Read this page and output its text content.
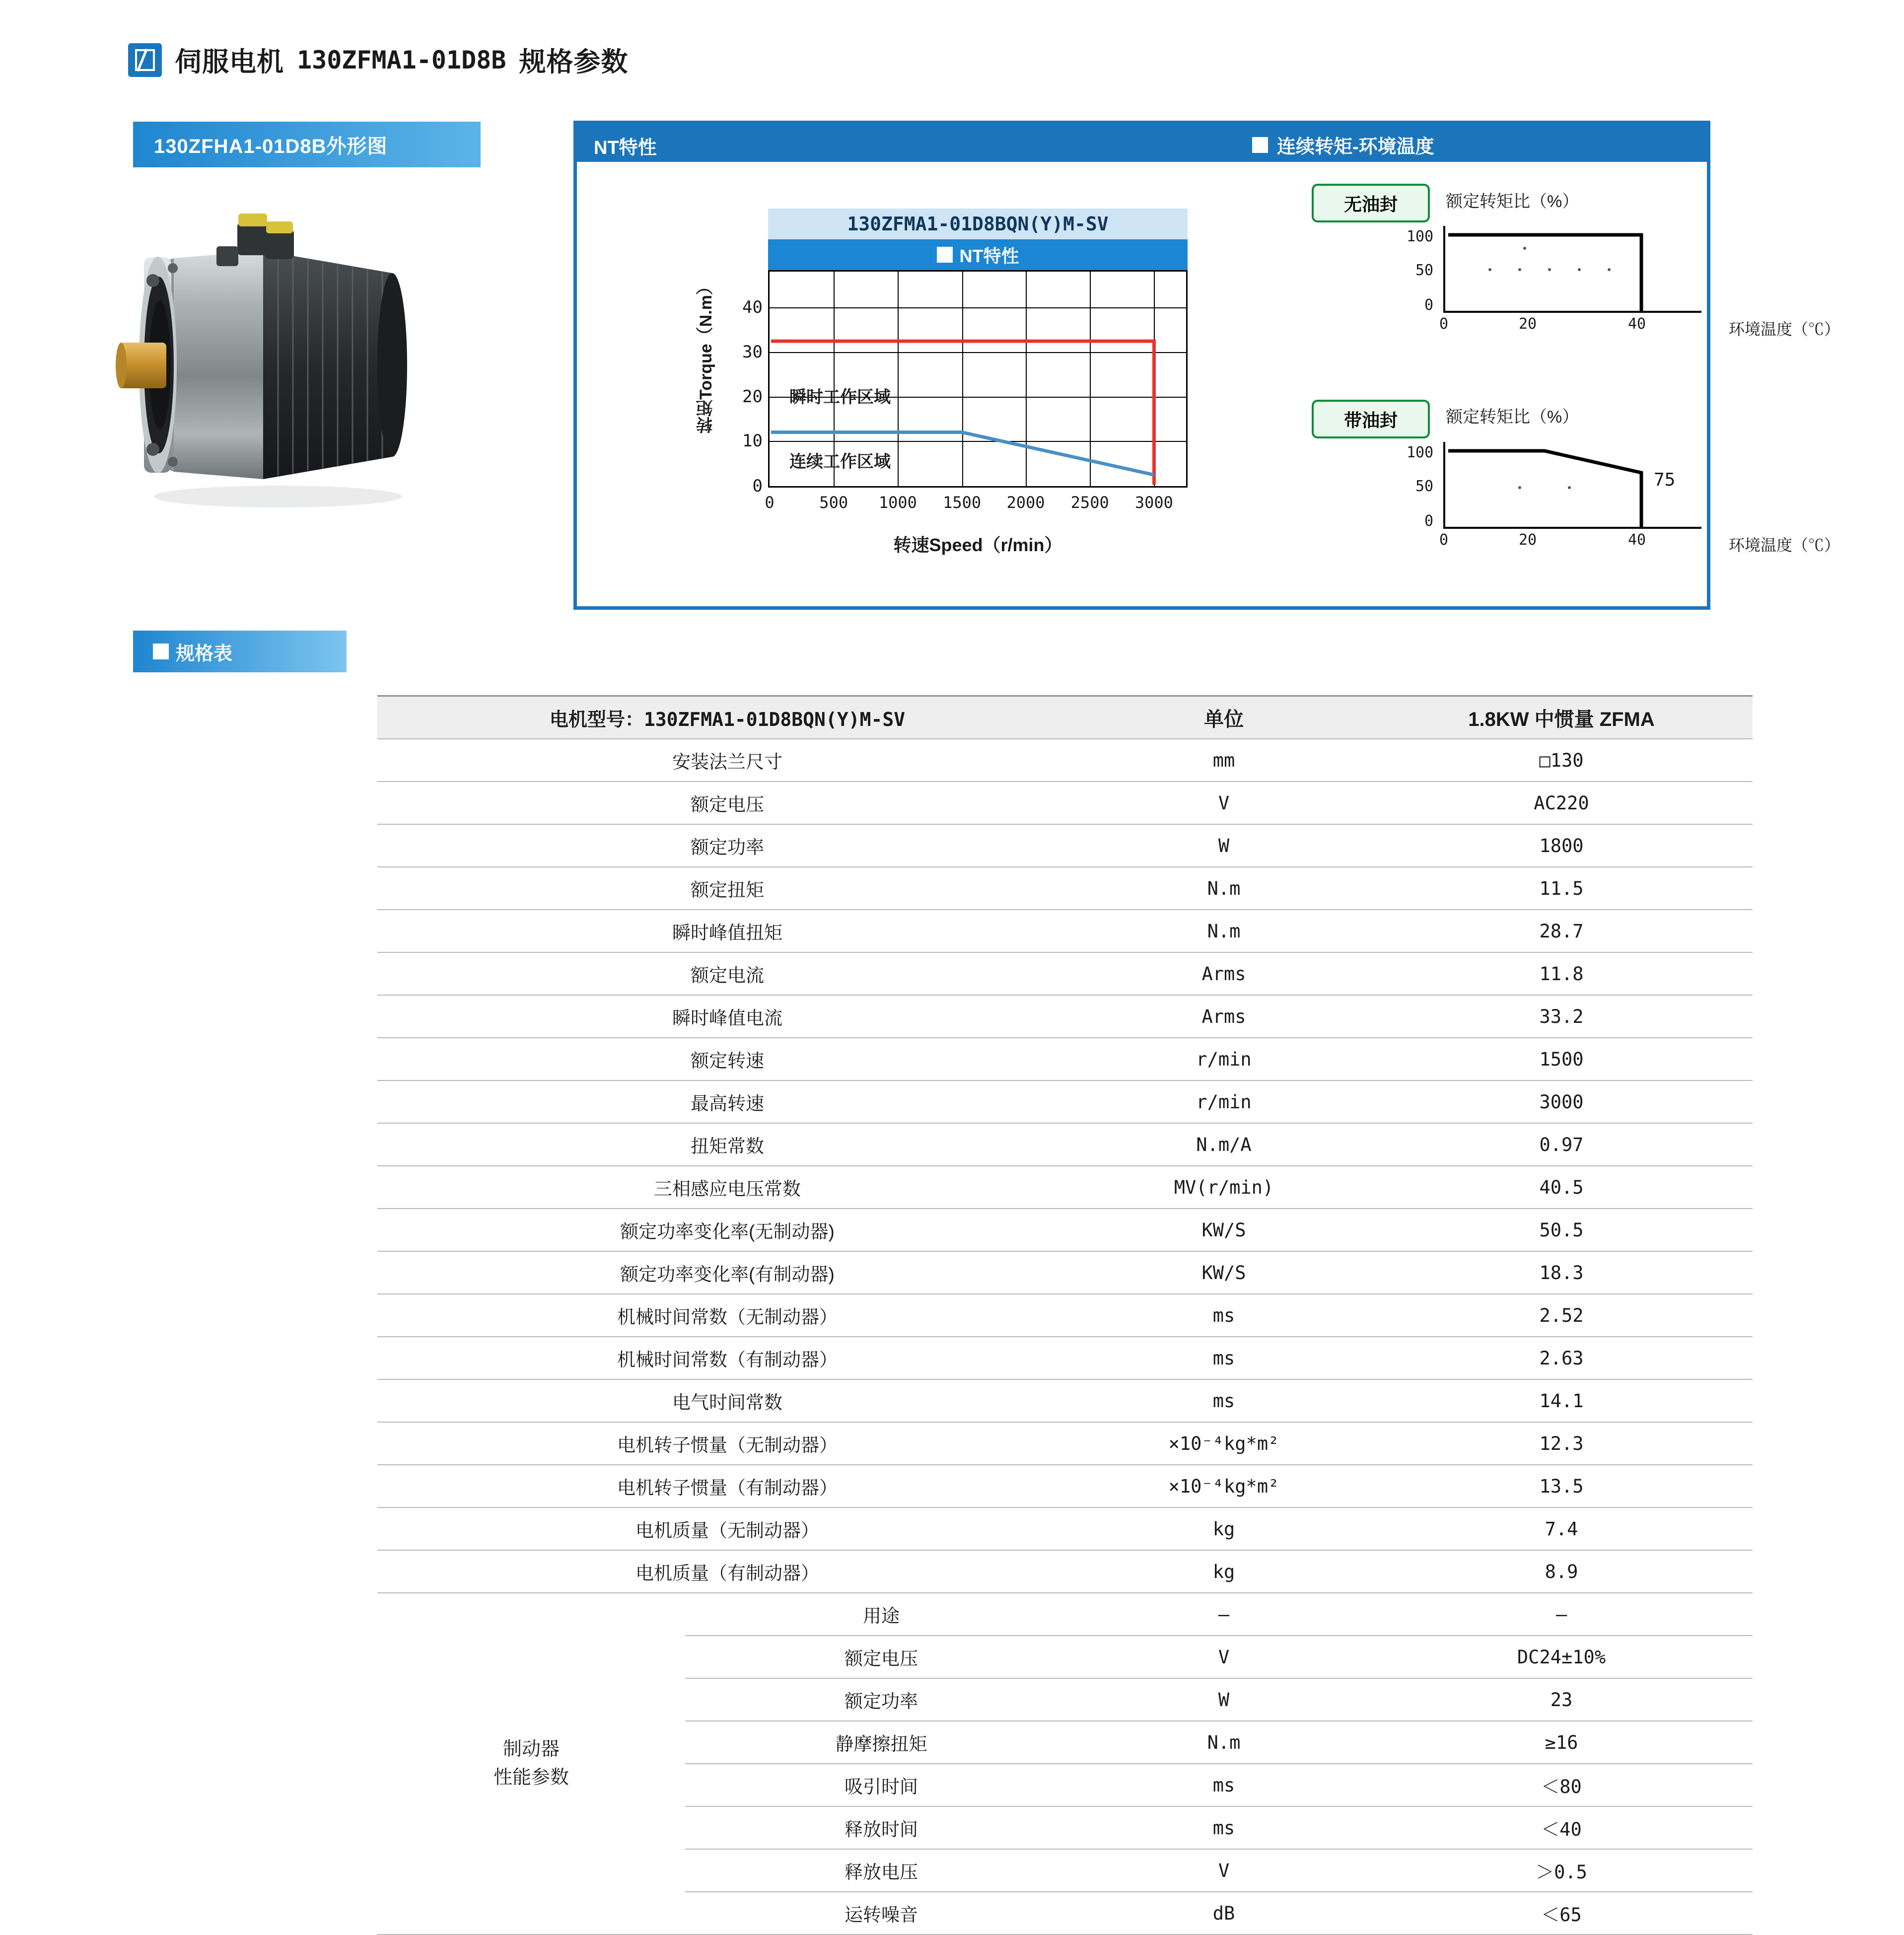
伺服电机 130ZFMA1-01D8B 规格参数
130ZFHA1-01D8B外形图	NT特性	连续转矩-环境温度
130ZFMA1-01D8BQN(Y)M-SV
NT特性
转矩Torque（N.m）
0
10
20
30
40
0	500 1000 1500 2000 2500 3000
瞬时工作区域
连续工作区域
转速Speed（r/min）
无油封	额定转矩比（%）
100
50
0
0	20	40	环境温度（℃）
带油封	额定转矩比（%）
100
50
0
0	20	40
75
环境温度（℃）
规格表
电机型号：130ZFMA1-01D8BQN(Y)M-SV		单位	1.8KW 中惯量 ZFMA
安装法兰尺寸		mm	□130
额定电压		V	AC220
额定功率		W	1800
额定扭矩		N.m	11.5
瞬时峰值扭矩		N.m	28.7
额定电流		Arms	11.8
瞬时峰值电流		Arms	33.2
额定转速		r/min	1500
最高转速		r/min	3000
扭矩常数		N.m/A	0.97
三相感应电压常数		MV(r/min)	40.5
额定功率变化率(无制动器)		KW/S	50.5
额定功率变化率(有制动器)		KW/S	18.3
机械时间常数（无制动器）		ms	2.52
机械时间常数（有制动器）		ms	2.63
电气时间常数		ms	14.1
电机转子惯量（无制动器）		×10⁻⁴kg*m²	12.3
电机转子惯量（有制动器）		×10⁻⁴kg*m²	13.5
电机质量（无制动器）		kg	7.4
电机质量（有制动器）		kg	8.9

制动器
性能参数	用途	—	—
	额定电压	V	DC24±10%
	额定功率	W	23
	静摩擦扭矩	N.m	≥16
	吸引时间	ms	＜80
	释放时间	ms	＜40
	释放电压	V	＞0.5
	运转噪音	dB	＜65
